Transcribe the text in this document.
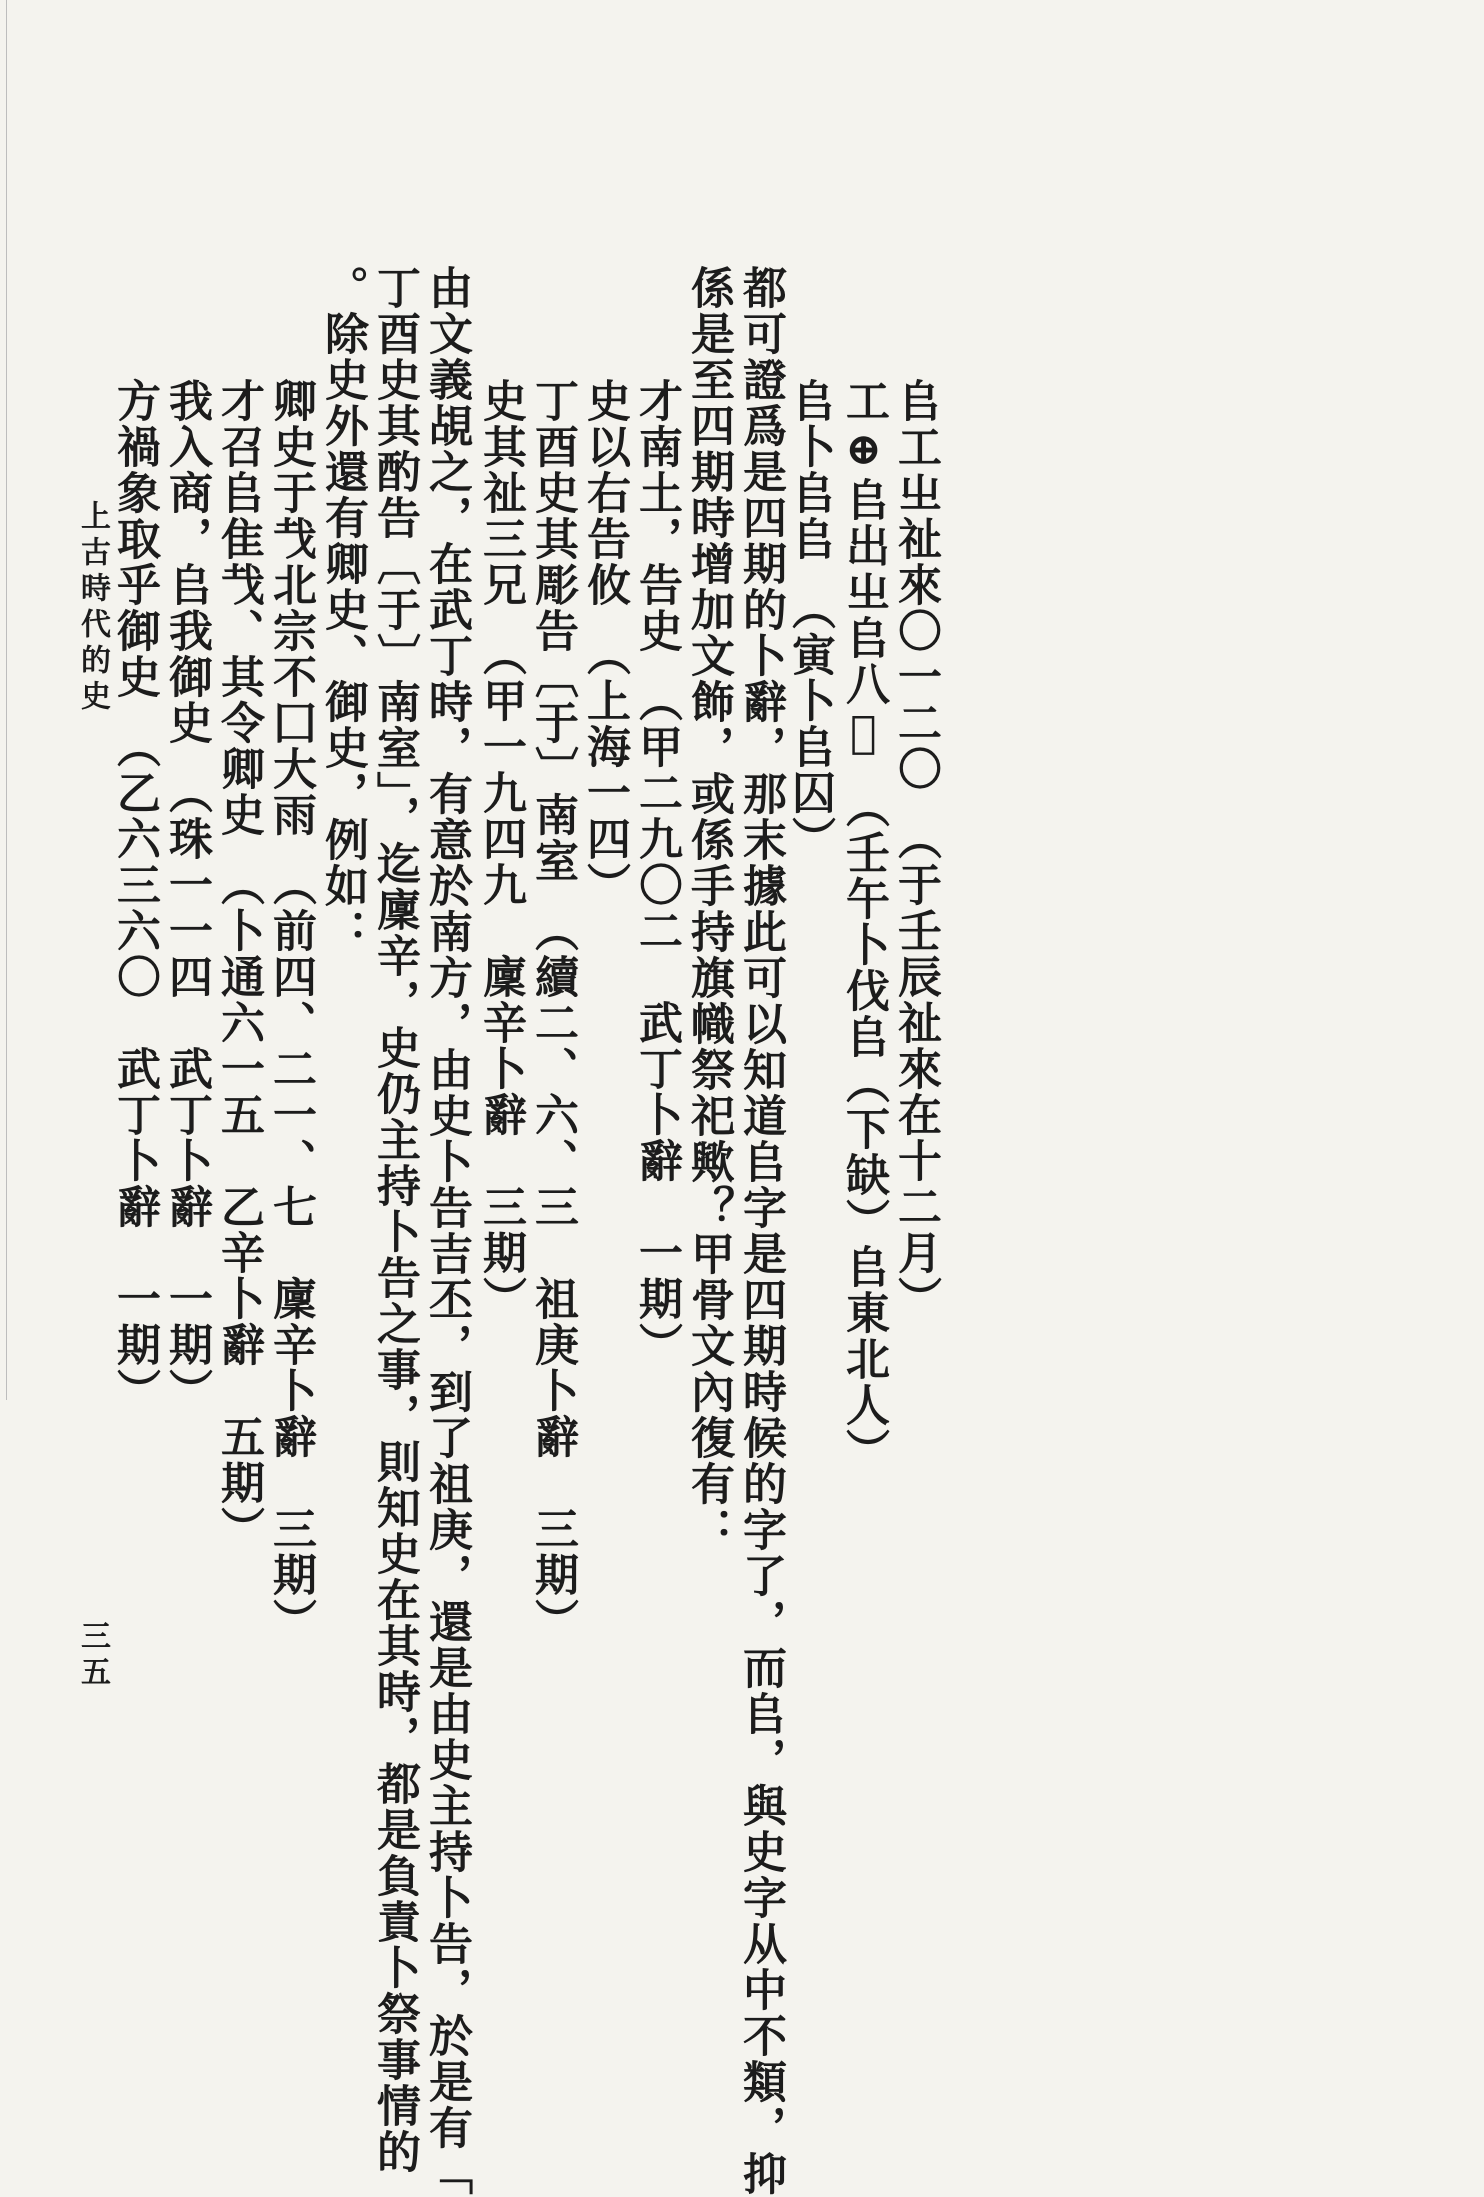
𠂤工㞢祉來〇一二〇　（于壬辰祉來在十二月）
工⊕𠂤出㞢𠂤八𠁓　（壬午卜伐𠂤（下缺）𠂤東北人）
𠂤卜𠂤𠂤　（寅卜𠂤囚）
都可證爲是四期的卜辭，那末據此可以知道𠂤字是四期時候的字了，而𠂤，與史字从中不類，抑
係是至四期時增加文飾，或係手持旗幟祭祀歟？甲骨文內復有：
才南土，告史　（甲二九〇二　武丁卜辭　一期）
史以右告攸　（上海一四）
丁酉史其彫告〔于〕南室　（續二、六、三　祖庚卜辭　三期）
史其祉三兄　（甲一九四九　廩辛卜辭　三期）
由文義覘之，在武丁時，有意於南方，由史卜告吉丕，到了祖庚，還是由史主持卜告，於是有「
丁酉史其酌告〔于〕南室」，迄廩辛，史仍主持卜告之事，則知史在其時，都是負責卜祭事情的
。除史外還有卿史、御史，例如：
卿史于𢦏北宗不囗大雨　（前四、二一、七　廩辛卜辭　三期）
才召𠂤隹𢦏、其令卿史　（卜通六一五　乙辛卜辭　五期）
我入商，𠂤我御史　（珠一一四　武丁卜辭　一期）
方禍象取乎御史　（乙六三六〇　武丁卜辭　一期）
上古時代的史
三五
